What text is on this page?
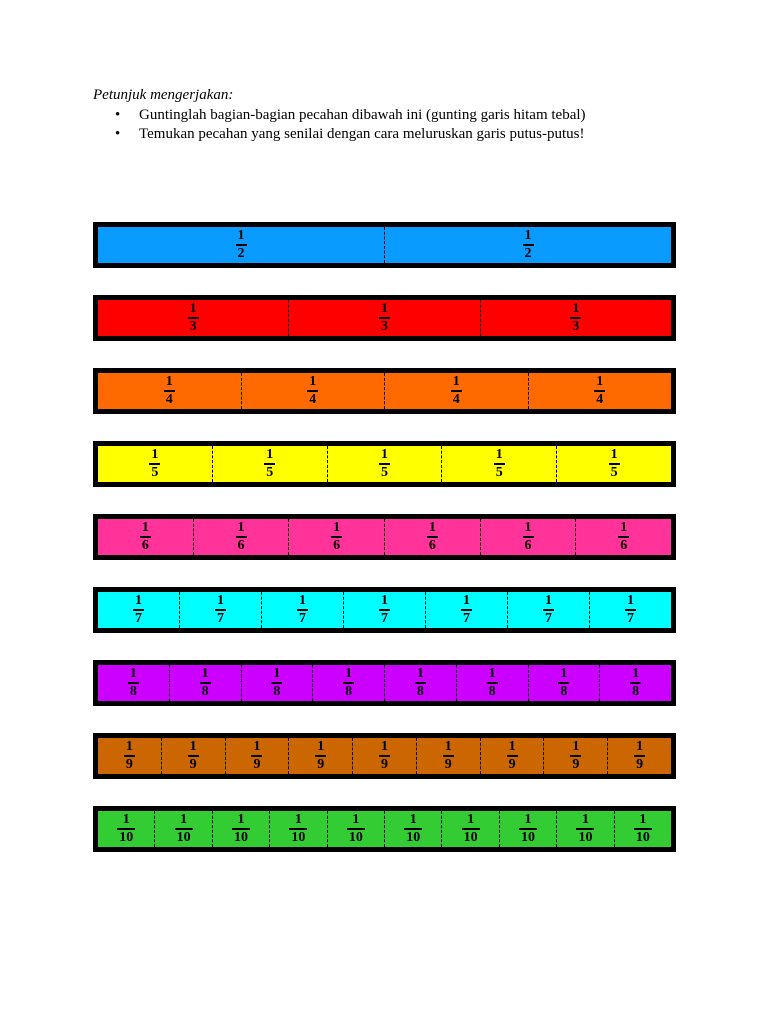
Petunjuk mengerjakan:
• Guntinglah bagian-bagian pecahan dibawah ini (gunting garis hitam tebal)
• Temukan pecahan yang senilai dengan cara meluruskan garis putus-putus!
$\frac{1}{2}$	$\frac{1}{2}$
$\frac{1}{3}$	$\frac{1}{3}$	$\frac{1}{3}$
$\frac{1}{4}$	$\frac{1}{4}$	$\frac{1}{4}$	$\frac{1}{4}$
$\frac{1}{5}$	$\frac{1}{5}$	$\frac{1}{5}$	$\frac{1}{5}$	$\frac{1}{5}$
$\frac{1}{6}$	$\frac{1}{6}$	$\frac{1}{6}$	$\frac{1}{6}$	$\frac{1}{6}$	$\frac{1}{6}$
$\frac{1}{7}$	$\frac{1}{7}$	$\frac{1}{7}$	$\frac{1}{7}$	$\frac{1}{7}$	$\frac{1}{7}$	$\frac{1}{7}$
$\frac{1}{8}$	$\frac{1}{8}$	$\frac{1}{8}$	$\frac{1}{8}$	$\frac{1}{8}$	$\frac{1}{8}$	$\frac{1}{8}$	$\frac{1}{8}$
$\frac{1}{9}$	$\frac{1}{9}$	$\frac{1}{9}$	$\frac{1}{9}$	$\frac{1}{9}$	$\frac{1}{9}$	$\frac{1}{9}$	$\frac{1}{9}$	$\frac{1}{9}$
$\frac{1}{10}$	$\frac{1}{10}$	$\frac{1}{10}$	$\frac{1}{10}$	$\frac{1}{10}$	$\frac{1}{10}$	$\frac{1}{10}$	$\frac{1}{10}$	$\frac{1}{10}$	$\frac{1}{10}$
